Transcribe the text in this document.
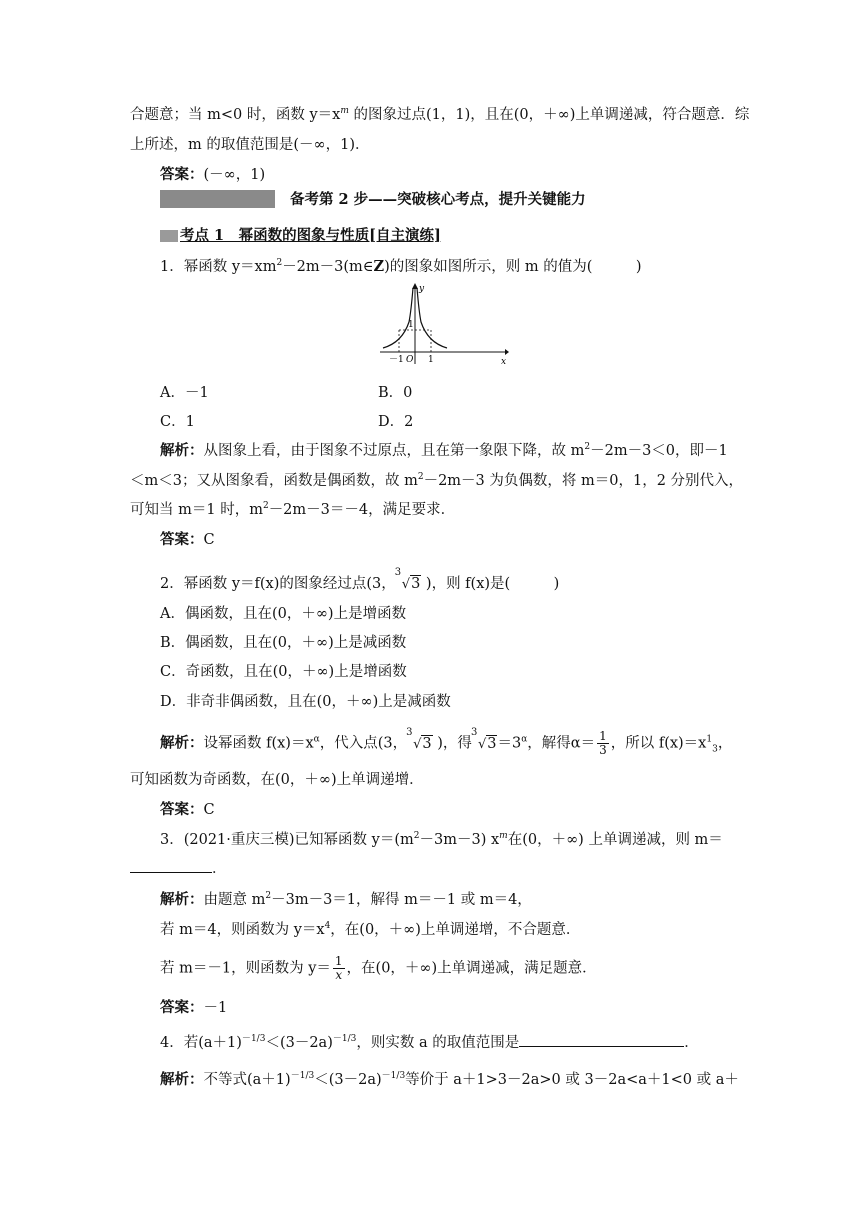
合题意；当 m<0 时，函数 $y=x^m$ 的图象过点(1，1)，且在(0，＋∞)上单调递减，符合题意．综
上所述，m 的取值范围是(－∞，1)．
答案：(－∞，1)
备考第 2 步——突破核心考点，提升关键能力
考点 1　幂函数的图象与性质[自主演练]
1．幂函数 $y=xm^2-2m-3(m\in Z)$的图象如图所示，则 m 的值为(　　　)
y
x
O
－1	1
1
A．－1	B．0
C．1	D．2
解析：从图象上看，由于图象不过原点，且在第一象限下降，故 $m^2-2m-3<0$，即－1
＜m＜3；又从图象看，函数是偶函数，故 $m^2-2m-3$ 为负偶数，将 m＝0，1，2 分别代入，
可知当 m＝1 时，$m^2-2m-3=-4$，满足要求．
答案：C
2．幂函数 y＝f(x)的图象经过点(3，
3
√3 )，则 f(x)是(　　　)
A．偶函数，且在(0，＋∞)上是增函数
B．偶函数，且在(0，＋∞)上是减函数
C．奇函数，且在(0，＋∞)上是增函数
D．非奇非偶函数，且在(0，＋∞)上是减函数
解析：设幂函数 $f(x)=x^\alpha$，代入点(3，
3
√3 )，得
3
$√3=3^\alpha$，解得$\alpha= \frac{1}{3}$ ，所以 $f(x)=x^1_3$，
可知函数为奇函数，在(0，＋∞)上单调递增．
答案：C
3．(2021·重庆三模)已知幂函数 $y=(m^2-3m-3)$ $x^m$在(0，＋∞) 上单调递减，则 m＝
．
解析：由题意 $m^2-3m-3=1$，解得 m＝－1 或 m＝4，
若 m＝4，则函数为 $y=x^4$，在(0，＋∞)上单调递增，不合题意．
若 m＝－1，则函数为 $y= \frac{1}{x}$ ，在(0，＋∞)上单调递减，满足题意．
答案：－1
4．若$(a+1)^{-1/3}<(3-2a)^{-1/3}$，则实数 a 的取值范围是	．
解析：不等式$(a+1)^{-1/3}<(3-2a)^{-1/3}$等价于 a＋1>3－2a>0 或 3－2a<a＋1<0 或 a＋
